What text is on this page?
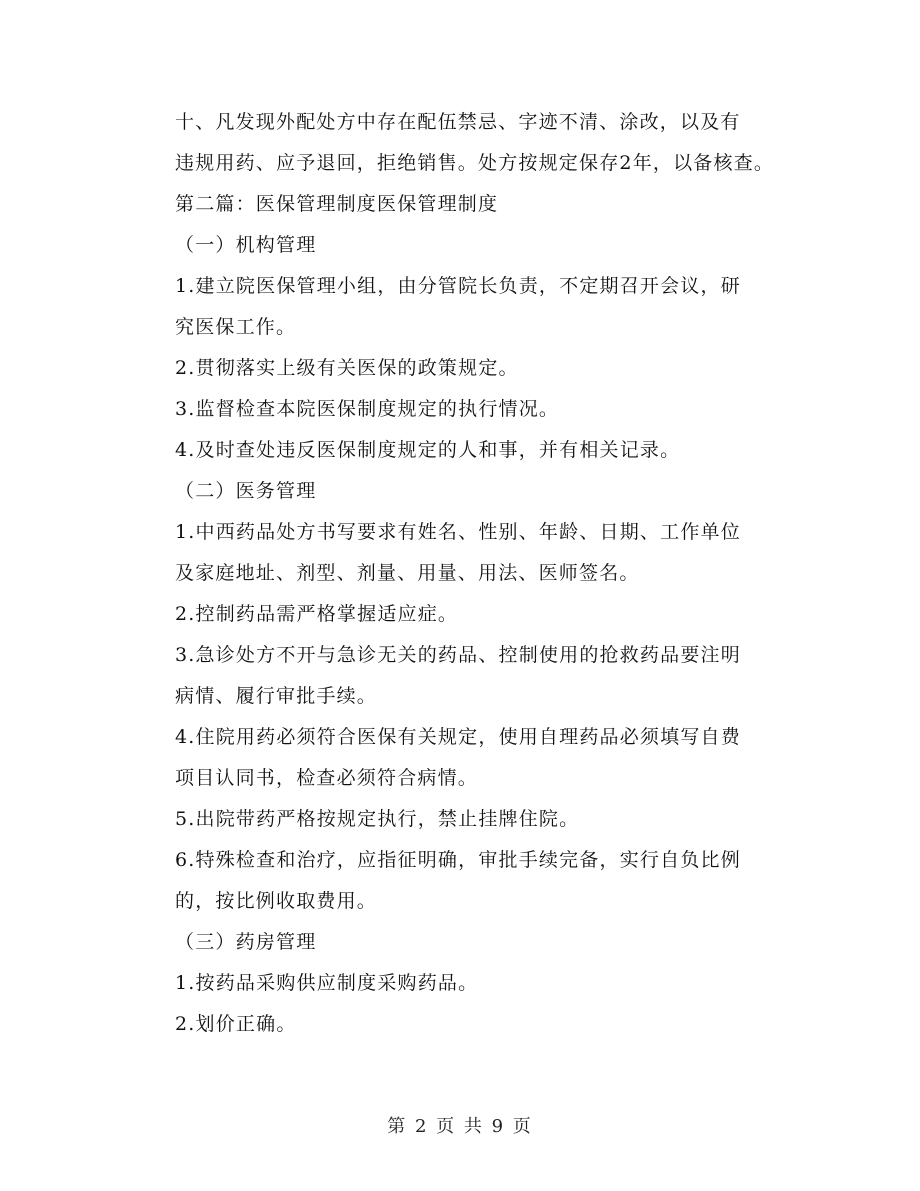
十、凡发现外配处方中存在配伍禁忌、字迹不清、涂改，以及有
违规用药、应予退回，拒绝销售。处方按规定保存2年，以备核查。

第二篇：医保管理制度医保管理制度

（一）机构管理

1.建立院医保管理小组，由分管院长负责，不定期召开会议，研
究医保工作。

2.贯彻落实上级有关医保的政策规定。

3.监督检查本院医保制度规定的执行情况。

4.及时查处违反医保制度规定的人和事，并有相关记录。

（二）医务管理

1.中西药品处方书写要求有姓名、性别、年龄、日期、工作单位
及家庭地址、剂型、剂量、用量、用法、医师签名。

2.控制药品需严格掌握适应症。

3.急诊处方不开与急诊无关的药品、控制使用的抢救药品要注明
病情、履行审批手续。

4.住院用药必须符合医保有关规定，使用自理药品必须填写自费
项目认同书，检查必须符合病情。

5.出院带药严格按规定执行，禁止挂牌住院。

6.特殊检查和治疗，应指征明确，审批手续完备，实行自负比例
的，按比例收取费用。

（三）药房管理

1.按药品采购供应制度采购药品。

2.划价正确。

第 2 页 共 9 页
